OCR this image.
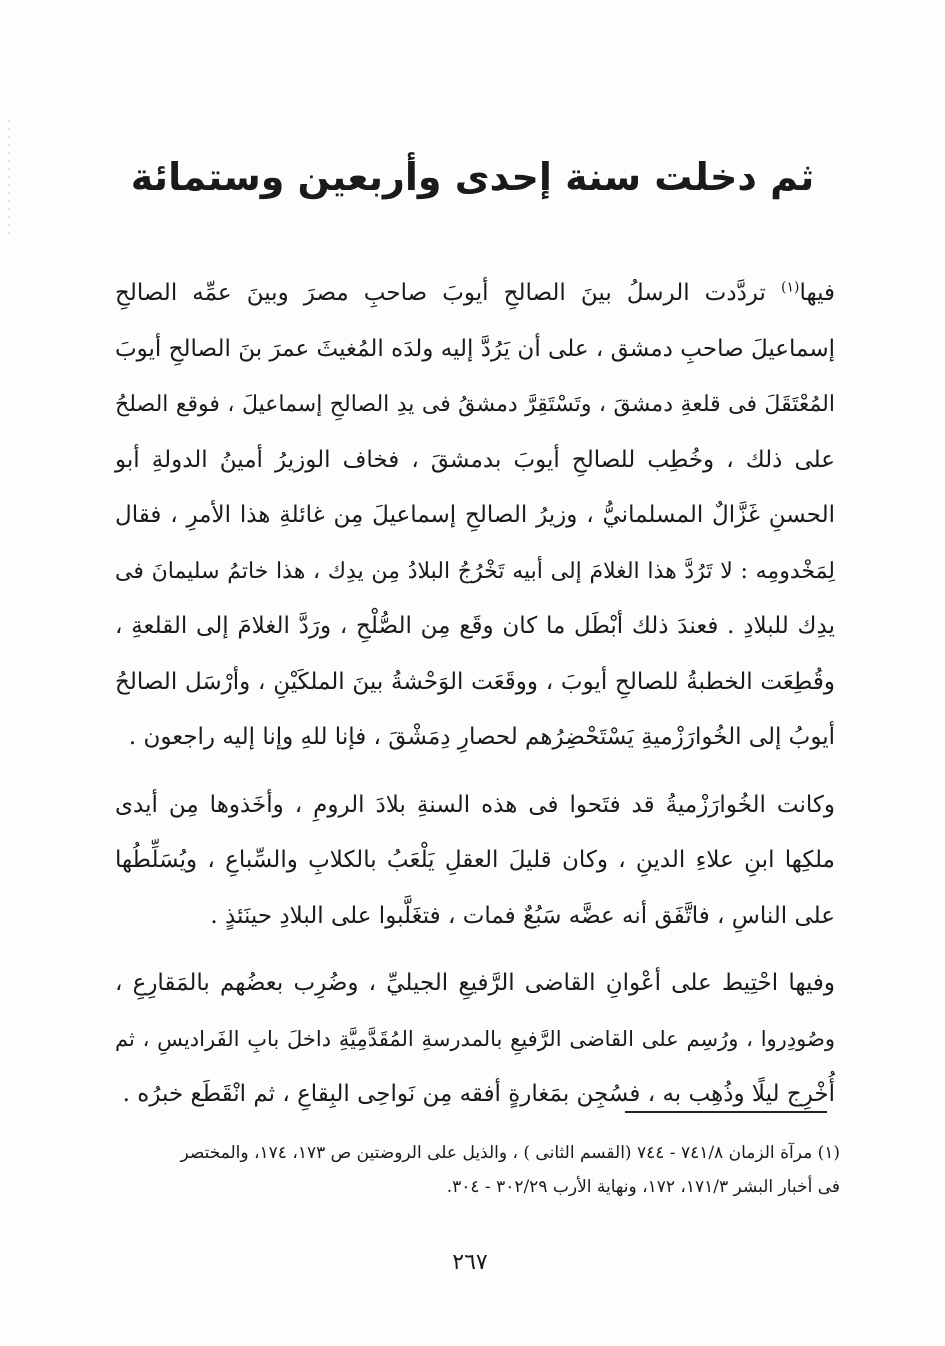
ثم دخلت سنة إحدى وأربعين وستمائة

فيها$^{(١)}$ تردَّدت الرسلُ بينَ الصالحِ أيوبَ صاحبِ مصرَ وبينَ عمِّه الصالحِ
إسماعيلَ صاحبِ دمشق ، على أن يَرُدَّ إليه ولدَه المُغيثَ عمرَ بنَ الصالحِ أيوبَ
المُعْتَقَلَ فى قلعةِ دمشقَ ، وتَسْتَقِرَّ دمشقُ فى يدِ الصالحِ إسماعيلَ ، فوقع الصلحُ
على ذلك ، وخُطِب للصالحِ أيوبَ بدمشقَ ، فخاف الوزيرُ أمينُ الدولةِ أبو
الحسنِ غَزَّالٌ المسلمانيُّ ، وزيرُ الصالحِ إسماعيلَ مِن غائلةِ هذا الأمرِ ، فقال
لِمَخْدومِه : لا تَرُدَّ هذا الغلامَ إلى أبيه تَخْرُجُ البلادُ مِن يدِك ، هذا خاتمُ سليمانَ فى
يدِك للبلادِ . فعندَ ذلك أبْطَل ما كان وقَع مِن الصُّلْحِ ، ورَدَّ الغلامَ إلى القلعةِ ،
وقُطِعَت الخطبةُ للصالحِ أيوبَ ، ووقَعَت الوَحْشةُ بينَ الملكَيْنِ ، وأرْسَل الصالحُ
أيوبُ إلى الخُوارَزْميةِ يَسْتَحْضِرُهم لحصارِ دِمَشْقَ ، فإنا للهِ وإنا إليه راجعون .

وكانت الخُوارَزْميةُ قد فتَحوا فى هذه السنةِ بلادَ الرومِ ، وأخَذوها مِن أيدى
ملكِها ابنِ علاءِ الدينِ ، وكان قليلَ العقلِ يَلْعَبُ بالكلابِ والسِّباعِ ، ويُسَلِّطُها
على الناسِ ، فاتَّفَق أنه عضَّه سَبُعٌ فمات ، فتغَلَّبوا على البلادِ حينَئذٍ .

وفيها احْتِيط على أعْوانِ القاضى الرَّفيعِ الجيليِّ ، وضُرِب بعضُهم بالمَقارِعِ ،
وصُودِروا ، ورُسِم على القاضى الرَّفيعِ بالمدرسةِ المُقَدَّمِيَّةِ داخلَ بابِ الفَراديسِ ، ثم
أُخْرِج ليلًا وذُهِب به ، فسُجِن بمَغارةٍ أفقه مِن نَواحِى البِقاعِ ، ثم انْقَطَع خبرُه .

(١) مرآة الزمان ٧٤١/٨ - ٧٤٤ (القسم الثانى ) ، والذيل على الروضتين ص ١٧٣، ١٧٤، والمختصر
فى أخبار البشر ١٧١/٣، ١٧٢، ونهاية الأرب ٣٠٢/٢٩ - ٣٠٤.
٢٦٧
